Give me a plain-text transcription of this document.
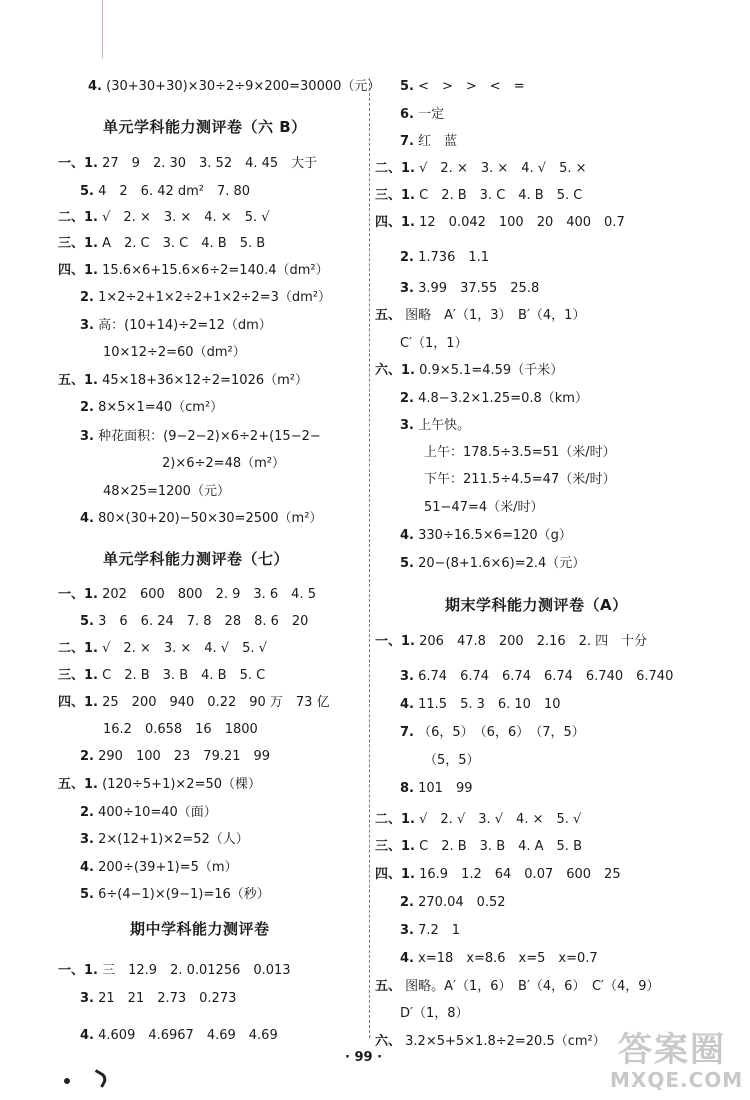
4. (30+30+30)×30÷2÷9×200=30000（元）
单元学科能力测评卷（六 B）
一、1. 27　9　2. 30　3. 52　4. 45　大于
5. 4　2　6. 42 dm²　7. 80
二、1. √　2. ×　3. ×　4. ×　5. √
三、1. A　2. C　3. C　4. B　5. B
四、1. 15.6×6+15.6×6÷2=140.4（dm²）
2. 1×2÷2+1×2÷2+1×2÷2=3（dm²）
3. 高：(10+14)÷2=12（dm）
10×12÷2=60（dm²）
五、1. 45×18+36×12÷2=1026（m²）
2. 8×5×1=40（cm²）
3. 种花面积：(9−2−2)×6÷2+(15−2−
2)×6÷2=48（m²）
48×25=1200（元）
4. 80×(30+20)−50×30=2500（m²）
单元学科能力测评卷（七）
一、1. 202　600　800　2. 9　3. 6　4. 5
5. 3　6　6. 24　7. 8　28　8. 6　20
二、1. √　2. ×　3. ×　4. √　5. √
三、1. C　2. B　3. B　4. B　5. C
四、1. 25　200　940　0.22　90 万　73 亿
16.2　0.658　16　1800
2. 290　100　23　79.21　99
五、1. (120÷5+1)×2=50（棵）
2. 400÷10=40（面）
3. 2×(12+1)×2=52（人）
4. 200÷(39+1)=5（m）
5. 6÷(4−1)×(9−1)=16（秒）
期中学科能力测评卷
一、1. 三　12.9　2. 0.01256　0.013
3. 21　21　2.73　0.273
4. 4.609　4.6967　4.69　4.69
5. <　>　>　<　=
6. 一定
7. 红　蓝
二、1. √　2. ×　3. ×　4. √　5. ×
三、1. C　2. B　3. C　4. B　5. C
四、1. 12　0.042　100　20　400　0.7
2. 1.736　1.1
3. 3.99　37.55　25.8
五、 图略　A′（1，3）　B′（4，1）
C′（1，1）
六、1. 0.9×5.1=4.59（千米）
2. 4.8−3.2×1.25=0.8（km）
3. 上午快。
上午：178.5÷3.5=51（米/时）
下午：211.5÷4.5=47（米/时）
51−47=4（米/时）
4. 330÷16.5×6=120（g）
5. 20−(8+1.6×6)=2.4（元）
期末学科能力测评卷（A）
一、1. 206　47.8　200　2.16　2. 四　十分
3. 6.74　6.74　6.74　6.74　6.740　6.740
4. 11.5　5. 3　6. 10　10
7. （6，5）　（6，6）　（7，5）
（5，5）
8. 101　99
二、1. √　2. √　3. √　4. ×　5. √
三、1. C　2. B　3. B　4. A　5. B
四、1. 16.9　1.2　64　0.07　600　25
2. 270.04　0.52
3. 7.2　1
4. x=18　x=8.6　x=5　x=0.7
五、 图略。A′（1，6）　B′（4，6）　C′（4，9）
D′（1，8）
六、 3.2×5+5×1.8÷2=20.5（cm²）
· 99 ·	答案圈
MXQE.COM
